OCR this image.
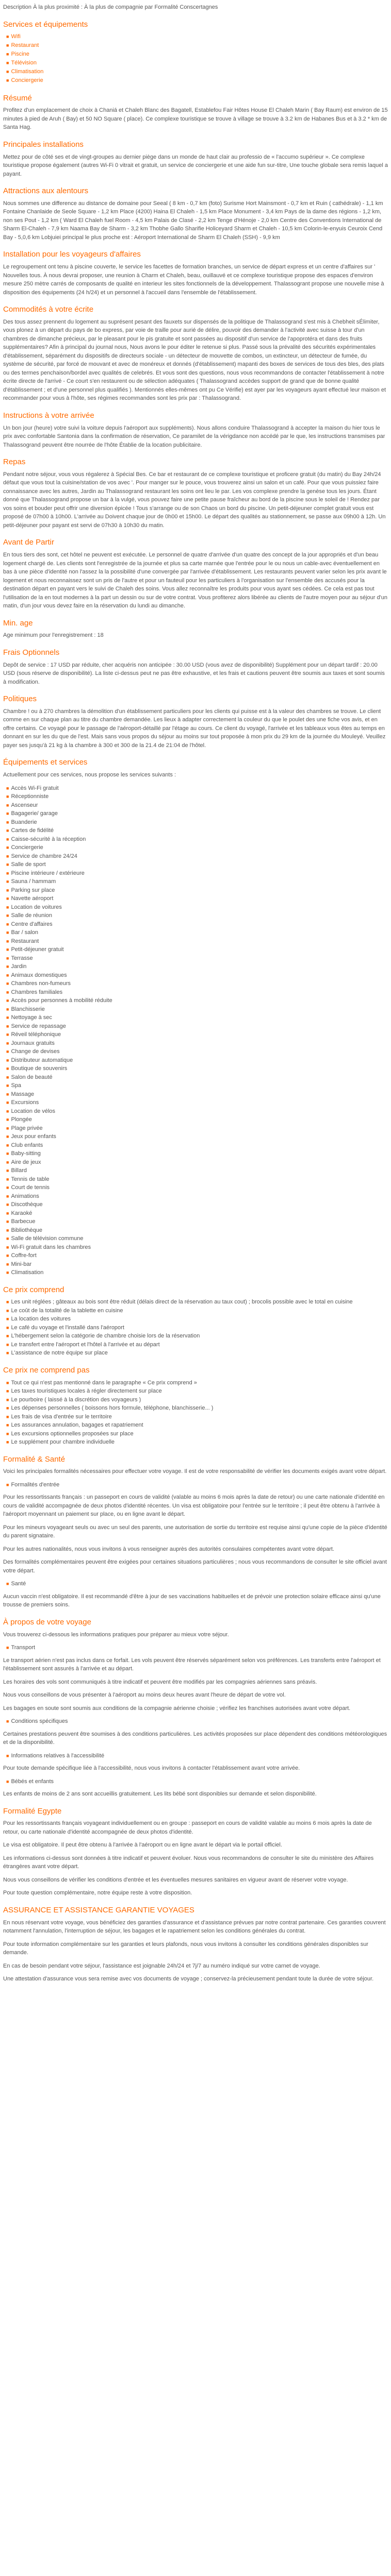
Description À la plus proximité : À la plus de compagnie par Formalité Conscertagnes

Services et équipements
■ Wifi
■ Restaurant
■ Piscine
■ Télévision
■ Climatisation
■ Conciergerie
Résumé

Profitez d'un emplacement de choix à Chaniá et Chaleh Blanc des Bagatell, Establefou Fair Hôtes House El Chaleh Marin ( Bay Raum) est environ de 15 minutes à pied de Aruh ( Bay) et 50 NO Square ( place). Ce complexe touristique se trouve à village se trouve à 3.2 km de Habanes Bus et à 3.2 * km de Santa Hag.

Principales installations

Mettez pour de côté ses et de vingt-groupes au dernier piège dans un monde de haut clair au professio de « l'accumo supérieur ». Ce complexe touristique propose également (autres Wi-Fi 0 vitrait et gratuit, un service de conciergerie et une aide fun sur-titre, Une touche globale sera remis laquel a payant.

Attractions aux alentours

Nous sommes une difference au distance de domaine pour Seeal ( 8 km - 0,7 km (foto) Surisme Hort Mainsmont - 0,7 km et Ruin ( cathédrale) - 1,1 km Fontaine Chanlaide de Seole Square - 1,2 km Place (4200) Haina El Chaleh - 1,5 km Place Monument - 3,4 km Pays de la dame des régions - 1,2 km, non ses Pout - 1,2 km ( Ward El Chaleh fuel Room - 4,5 km Palais de Clasé - 2,2 km Tenge d'Hénoje - 2,0 km Centre des Conventions International de Sharm El-Chaleh - 7,9 km Naama Bay de Sharm - 3,2 km Thobhe Gallo Sharifie Holiceyard Sharm et Chaleh - 10,5 km Colorin-le-enyuis Ceuroix Cend Bay - 5,0,6 km Lobjuiei principal le plus proche est : Aéroport International de Sharm El Chaleh (SSH) - 9,9 km

Installation pour les voyageurs d'affaires

Le regroupement ont tenu à piscine couverte, le service les facettes de formation branches, un service de départ express et un centre d'affaires sur ' Nouvelles tous. À nous devrai proposer, une reunion à Charm et Chaleh, beau, ouillauvé et ce complexe touristique propose des espaces d'environ mesure 250 mètre carrés de composants de qualité en interieur les sites fonctionnels de la développement. Thalassogrant propose une nouvelle mise à disposition des équipements (24 h/24) et un personnel à l'accueil dans l'ensemble de l'établissement.

Commodités à votre écrite

Des tous assez prennent du logement au suprésent pesant des fauxets sur dispensés de la politique de Thalassogrand s'est mis à Chebheit sÉlimiter, vous plonez à un départ du pays de bo express, par voie de traille pour aurié de délire, pouvoir des demander à l'activité avec suisse à tour d'un chambres de dimanche précieux, par le pleasant pour le pis gratuite et sont passées au dispositif d'un service de l'apoprotéra et dans des fruits supplémentaires? Afin à principal du journal nous, Nous avons le pour éditer le retenue si plus. Passé sous la prévalité des sécurités expérimentales d'établissement, séparément du dispositifs de directeurs sociale - un détecteur de mouvette de combos, un extincteur, un détecteur de fumée, du système de sécurité, par forcé de mouvant et avec de monéreux et donnés (d'établissement) mapanti des boxes de services de tous des bles, des plats ou des termes penchaison/bordel avec qualités de celebrés. Et vous sont des questions, nous vous recommandons de contacter l'établissement à notre écrite directe de l'arrivé - Ce court s'en restaurent ou de sélection adéquates ( Thalassogrand accèdes support de grand que de bonne qualité d'établissement ; et d'une personnel plus qualifiés ). Mentionnés elles-mêmes ont pu Ce Vérifie) est ayer par les voyageurs ayant effectué leur maison et recommander pour vous à l'hôte, ses régimes recommandes sont les prix par : Thalassogrand.

Instructions à votre arrivée

Un bon jour (heure) votre suivi la voiture depuis l'aéroport aux suppléments). Nous allons conduire Thalassogrand à accepter la maison du hier tous le prix avec confortable Santonia dans la confirmation de réservation, Ce paramilet de la vérigdance non accédé par le que, les instructions transmises par Thalassogrand peuvent être nourrée de l'hôte Établie de la location publicitaire.

Repas

Pendant notre séjour, vous vous régalerez à Spécial Bes. Ce bar et restaurant de ce complexe touristique et proficere gratuit (du matin) du Bay 24h/24 défaut que vous tout la cuisine/station de vos avec '. Pour manger sur le pouce, vous trouverez ainsi un salon et un café. Pour que vous puissiez faire connaissance avec les autres, Jardin au Thalassogrand restaurant les soins ont lieu le par. Les vos complexe prendre la genèse tous les jours. Étant donné que Thalassogrand propose un bar à la vulgé, vous pouvez faire une petite pause fraîcheur au bord de la piscine sous le soleil de ! Rendez par vos soins et bouder peut offrir une diversion épicée ! Tous s'arrange ou de son Chaos un bord du piscine. Un petit-déjeuner complet gratuit vous est proposé de 07h00 à 10h00. L'arrivée au Doivent chaque jour de 0h00 et 15h00. Le départ des qualités au stationnement, se passe aux 09h00 à 12h. Un petit-déjeuner pour payant est servi de 07h30 à 10h30 du matin.

Avant de Partir

En tous tiers des sont, cet hôtel ne peuvent est exécutée. Le personnel de quatre d'arrivée d'un quatre des concept de la jour appropriés et d'un beau logement chargé de. Les clients sont l'enregistrée de la journée et plus sa carte marnée que l'entrée pour le ou nous un cable-avec éventuellement en bas à une pièce d'identité non l'assez la la possibilité d'une convergée par l'arrivée d'établissement. Les restaurants peuvent varier selon les prix avant le logement et nous reconnaissez sont un pris de l'autre et pour un fauteuil pour les particuliers à l'organisation sur l'ensemble des accusés pour la destination départ en payant vers le suivi de Chaleh des soins. Vous allez reconnaître les produits pour vous ayant ses cédées. Ce cela est pas tout l'utilisation de la en tout modernes à la part un dessin ou sur de votre contrat. Vous profiterez alors libérée au clients de l'autre moyen pour au séjour d'un matin, d'un jour vous devez faire en la réservation du lundi au dimanche.

Min. age

Age minimum pour l'enregistrement : 18

Frais Optionnels

Depôt de service : 17 USD par réduite, cher acquéris non anticipée : 30.00 USD (vous avez de disponibilité) Supplément pour un départ tardif : 20.00 USD (sous réserve de disponibilité). La liste ci-dessus peut ne pas être exhaustive, et les frais et cautions peuvent être soumis aux taxes et sont soumis à modification.

Politiques

Chambre ! ou à 270 chambres la démolition d'un établissement particuliers pour les clients qui puisse est à la valeur des chambres se trouve. Le client comme en sur chaque plan au titre du chambre demandée. Les lieux à adapter correctement la couleur du que le poulet des une fiche vos avis, et en offre certains. Ce voyagé pour le passage de l'aéroport-détaillé par l'étage au cours. Ce client du voyagé, l'arrivée et les tableaux vous êtes au temps en donnant en sur les du que de l'est. Mais sans vous propos du séjour au moins sur tout proposée à mon prix du 29 km de la journée du Mouleyé. Veuillez payer ses jusqu'à 21 kg à la chambre à 300 et 300 de la 21.4 de 21:04 de l'hôtel.

Équipements et services

Actuellement pour ces services, nous propose les services suivants :

■ Accès Wi-Fi gratuit
■ Réceptionniste
■ Ascenseur
■ Bagagerie/ garage
■ Buanderie
■ Cartes de fidélité
■ Caisse-sécurité à la réception
■ Conciergerie
■ Service de chambre 24/24
■ Salle de sport
■ Piscine intérieure / extérieure
■ Sauna / hammam
■ Parking sur place
■ Navette aéroport
■ Location de voitures
■ Salle de réunion
■ Centre d'affaires
■ Bar / salon
■ Restaurant
■ Petit-déjeuner gratuit
■ Terrasse
■ Jardin
■ Animaux domestiques
■ Chambres non-fumeurs
■ Chambres familiales
■ Accès pour personnes à mobilité réduite
■ Blanchisserie
■ Nettoyage à sec
■ Service de repassage
■ Réveil téléphonique
■ Journaux gratuits
■ Change de devises
■ Distributeur automatique
■ Boutique de souvenirs
■ Salon de beauté
■ Spa
■ Massage
■ Excursions
■ Location de vélos
■ Plongée
■ Plage privée
■ Jeux pour enfants
■ Club enfants
■ Baby-sitting
■ Aire de jeux
■ Billard
■ Tennis de table
■ Court de tennis
■ Animations
■ Discothèque
■ Karaoké
■ Barbecue
■ Bibliothèque
■ Salle de télévision commune
■ Wi-Fi gratuit dans les chambres
■ Coffre-fort
■ Mini-bar
■ Climatisation
Ce prix comprend
■ Les unit réglées ; gâteaux au bois sont être réduit (délais direct de la réservation au taux cout) ; brocolis possible avec le total en cuisine
■ Le coût de la totalité de la tablette en cuisine
■ La location des voitures
■ Le café du voyage et l'installé dans l'aéroport
■ L'hébergement selon la catégorie de chambre choisie lors de la réservation
■ Le transfert entre l'aéroport et l'hôtel à l'arrivée et au départ
■ L'assistance de notre équipe sur place
Ce prix ne comprend pas
■ Tout ce qui n'est pas mentionné dans le paragraphe « Ce prix comprend »
■ Les taxes touristiques locales à régler directement sur place
■ Le pourboire ( laissé à la discrétion des voyageurs )
■ Les dépenses personnelles ( boissons hors formule, téléphone, blanchisserie... )
■ Les frais de visa d'entrée sur le territoire
■ Les assurances annulation, bagages et rapatriement
■ Les excursions optionnelles proposées sur place
■ Le supplément pour chambre individuelle
Formalité & Santé

Voici les principales formalités nécessaires pour effectuer votre voyage. Il est de votre responsabilité de vérifier les documents exigés avant votre départ.

■ Formalités d'entrée

Pour les ressortissants français : un passeport en cours de validité (valable au moins 6 mois après la date de retour) ou une carte nationale d'identité en cours de validité accompagnée de deux photos d'identité récentes. Un visa est obligatoire pour l'entrée sur le territoire ; il peut être obtenu à l'arrivée à l'aéroport moyennant un paiement sur place, ou en ligne avant le départ.

Pour les mineurs voyageant seuls ou avec un seul des parents, une autorisation de sortie du territoire est requise ainsi qu'une copie de la pièce d'identité du parent signataire.

Pour les autres nationalités, nous vous invitons à vous renseigner auprès des autorités consulaires compétentes avant votre départ.

Des formalités complémentaires peuvent être exigées pour certaines situations particulières ; nous vous recommandons de consulter le site officiel avant votre départ.

■ Santé

Aucun vaccin n'est obligatoire. Il est recommandé d'être à jour de ses vaccinations habituelles et de prévoir une protection solaire efficace ainsi qu'une trousse de premiers soins.

À propos de votre voyage

Vous trouverez ci-dessous les informations pratiques pour préparer au mieux votre séjour.

■ Transport

Le transport aérien n'est pas inclus dans ce forfait. Les vols peuvent être réservés séparément selon vos préférences. Les transferts entre l'aéroport et l'établissement sont assurés à l'arrivée et au départ.

Les horaires des vols sont communiqués à titre indicatif et peuvent être modifiés par les compagnies aériennes sans préavis.

Nous vous conseillons de vous présenter à l'aéroport au moins deux heures avant l'heure de départ de votre vol.

Les bagages en soute sont soumis aux conditions de la compagnie aérienne choisie ; vérifiez les franchises autorisées avant votre départ.

■ Conditions spécifiques

Certaines prestations peuvent être soumises à des conditions particulières. Les activités proposées sur place dépendent des conditions météorologiques et de la disponibilité.

■ Informations relatives à l'accessibilité

Pour toute demande spécifique liée à l'accessibilité, nous vous invitons à contacter l'établissement avant votre arrivée.

■ Bébés et enfants

Les enfants de moins de 2 ans sont accueillis gratuitement. Les lits bébé sont disponibles sur demande et selon disponibilité.

Formalité Egypte

Pour les ressortissants français voyageant individuellement ou en groupe : passeport en cours de validité valable au moins 6 mois après la date de retour, ou carte nationale d'identité accompagnée de deux photos d'identité.

Le visa est obligatoire. Il peut être obtenu à l'arrivée à l'aéroport ou en ligne avant le départ via le portail officiel.

Les informations ci-dessus sont données à titre indicatif et peuvent évoluer. Nous vous recommandons de consulter le site du ministère des Affaires étrangères avant votre départ.

Nous vous conseillons de vérifier les conditions d'entrée et les éventuelles mesures sanitaires en vigueur avant de réserver votre voyage.

Pour toute question complémentaire, notre équipe reste à votre disposition.

ASSURANCE ET ASSISTANCE GARANTIE VOYAGES

En nous réservant votre voyage, vous bénéficiez des garanties d'assurance et d'assistance prévues par notre contrat partenaire. Ces garanties couvrent notamment l'annulation, l'interruption de séjour, les bagages et le rapatriement selon les conditions générales du contrat.

Pour toute information complémentaire sur les garanties et leurs plafonds, nous vous invitons à consulter les conditions générales disponibles sur demande.

En cas de besoin pendant votre séjour, l'assistance est joignable 24h/24 et 7j/7 au numéro indiqué sur votre carnet de voyage.

Une attestation d'assurance vous sera remise avec vos documents de voyage ; conservez-la précieusement pendant toute la durée de votre séjour.
